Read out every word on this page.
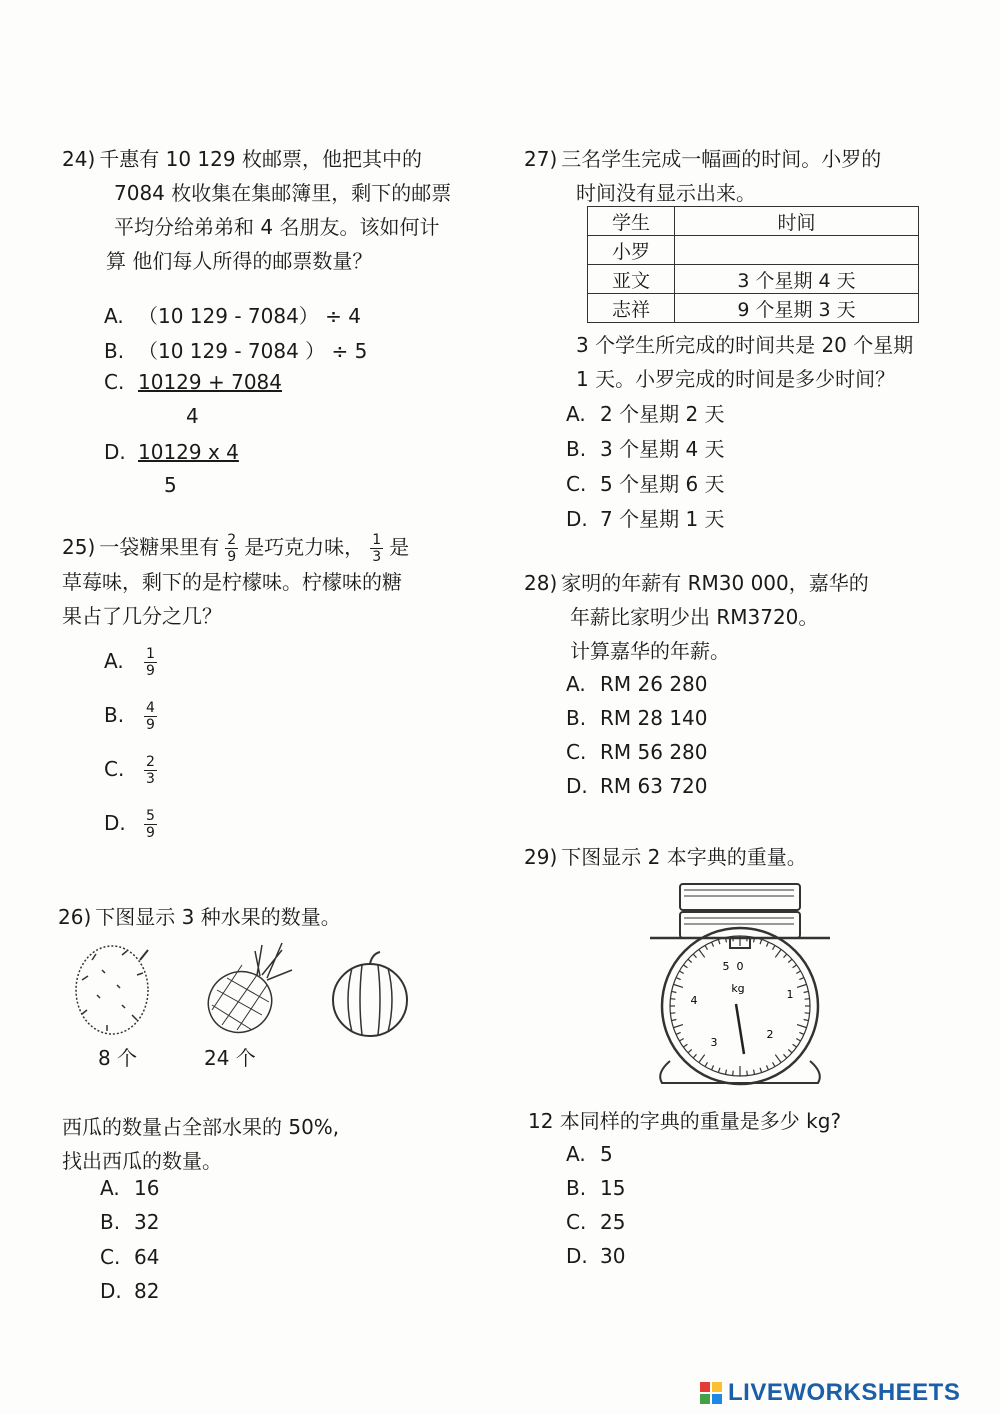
24) 千惠有 10 129 枚邮票，他把其中的
7084 枚收集在集邮簿里，剩下的邮票
平均分给弟弟和 4 名朋友。该如何计
算 他们每人所得的邮票数量？
A. （10 129 - 7084） ÷ 4
B. （10 129 - 7084 ） ÷ 5
C. 10129 + 7084
4
D. 10129 x 4
5
25) 一袋糖果里有 $\frac{2}{9}$ 是巧克力味， $\frac{1}{3}$ 是
草莓味，剩下的是柠檬味。柠檬味的糖
果占了几分之几？
A. $\frac{1}{9}$
B. $\frac{4}{9}$
C. $\frac{2}{3}$
D. $\frac{5}{9}$
26) 下图显示 3 种水果的数量。
8 个	24 个
西瓜的数量占全部水果的 50%,
找出西瓜的数量。
A. 16
B. 32
C. 64
D. 82
27) 三名学生完成一幅画的时间。小罗的
时间没有显示出来。
学生	时间
小罗	
亚文	3 个星期 4 天
志祥	9 个星期 3 天
3 个学生所完成的时间共是 20 个星期
1 天。小罗完成的时间是多少时间？
A. 2 个星期 2 天
B. 3 个星期 4 天
C. 5 个星期 6 天
D. 7 个星期 1 天
28) 家明的年薪有 RM30 000，嘉华的
年薪比家明少出 RM3720。
计算嘉华的年薪。
A. RM 26 280
B. RM 28 140
C. RM 56 280
D. RM 63 720
29) 下图显示 2 本字典的重量。
0
5
1
2
3
4
kg
12 本同样的字典的重量是多少 kg?
A. 5
B. 15
C. 25
D. 30
LIVEWORKSHEETS
